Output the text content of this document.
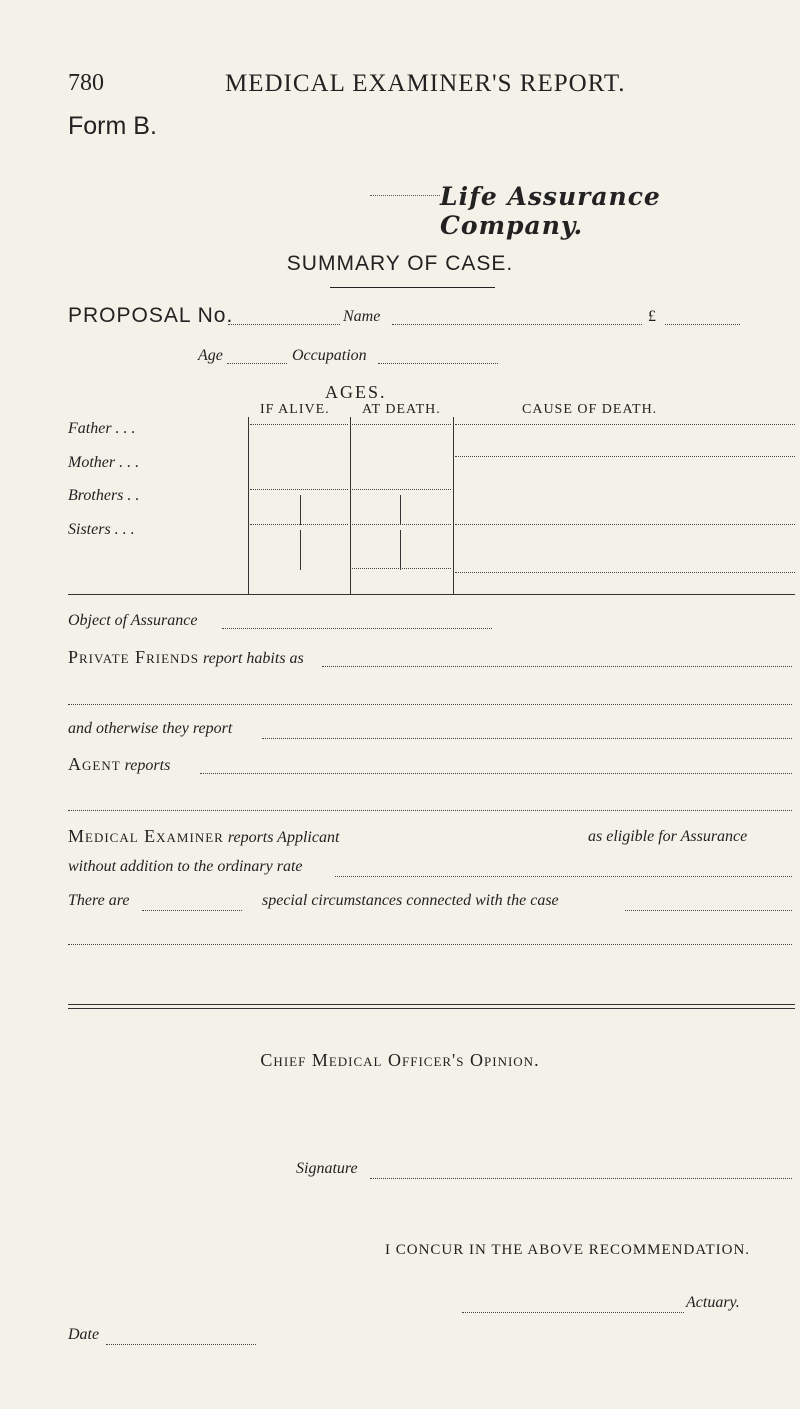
780	MEDICAL EXAMINER'S REPORT.
Form B.
Life Assurance Company.
SUMMARY OF CASE.
PROPOSAL No.	Name	£
Age	Occupation
AGES.
IF ALIVE. AT DEATH.	CAUSE OF DEATH.
Father . . .
Mother . . .
Brothers . .
Sisters . . .
Object of Assurance
Private Friends report habits as
and otherwise they report
Agent reports
Medical Examiner reports Applicant	as eligible for Assurance
without addition to the ordinary rate
There are	special circumstances connected with the case
Chief Medical Officer's Opinion.
Signature
I CONCUR IN THE ABOVE RECOMMENDATION.
Actuary.
Date
